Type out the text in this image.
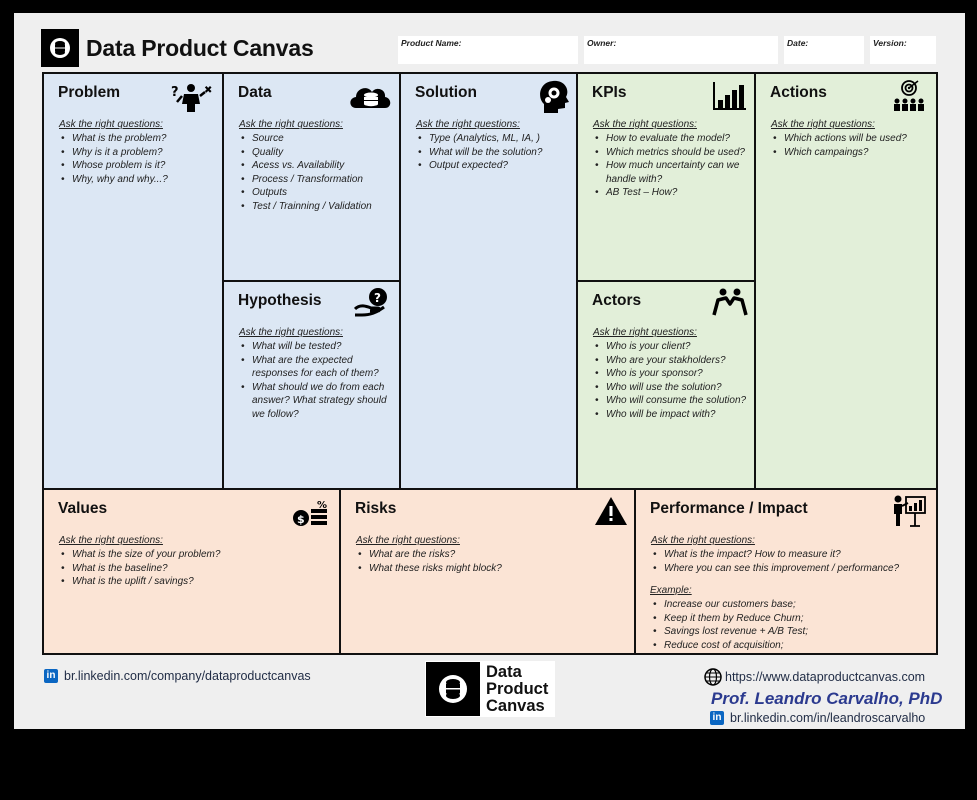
Data Product Canvas	Product Name:	Owner:	Date:	Version:
Problem
Ask the right questions:
• What is the problem?
• Why is it a problem?
• Whose problem is it?
• Why, why and why...?
?	✖ Data
Ask the right questions:
• Source
• Quality
• Acess vs. Availability
• Process / Transformation
• Outputs
• Test / Trainning / Validation
Hypothesis
Ask the right questions:
• What will be tested?
• What are the expected responses for each of them?
• What should we do from each answer? What strategy should we follow?
?
Solution
Ask the right questions:
• Type (Analytics, ML, IA, )
• What will be the solution?
• Output expected?
KPIs
Ask the right questions:
• How to evaluate the model?
• Which metrics should be used?
• How much uncertainty can we handle with?
• AB Test – How?
Actors
Ask the right questions:
• Who is your client?
• Who are your stakholders?
• Who is your sponsor?
• Who will use the solution?
• Who will consume the solution?
• Who will be impact with?
Actions
Ask the right questions:
• Which actions will be used?
• Which campaings?
Values
Ask the right questions:
• What is the size of your problem?
• What is the baseline?
• What is the uplift / savings?
$
% Risks
Ask the right questions:
• What are the risks?
• What these risks might block?
Performance / Impact
Ask the right questions:
• What is the impact? How to measure it?
• Where you can see this improvement / performance?
Example:
• Increase our customers base;
• Keep it them by Reduce Churn;
• Savings lost revenue + A/B Test;
• Reduce cost of acquisition;
in br.linkedin.com/company/dataproductcanvas	Data
Product
Canvas
https://www.dataproductcanvas.com
Prof. Leandro Carvalho, PhD
in br.linkedin.com/in/leandroscarvalho
